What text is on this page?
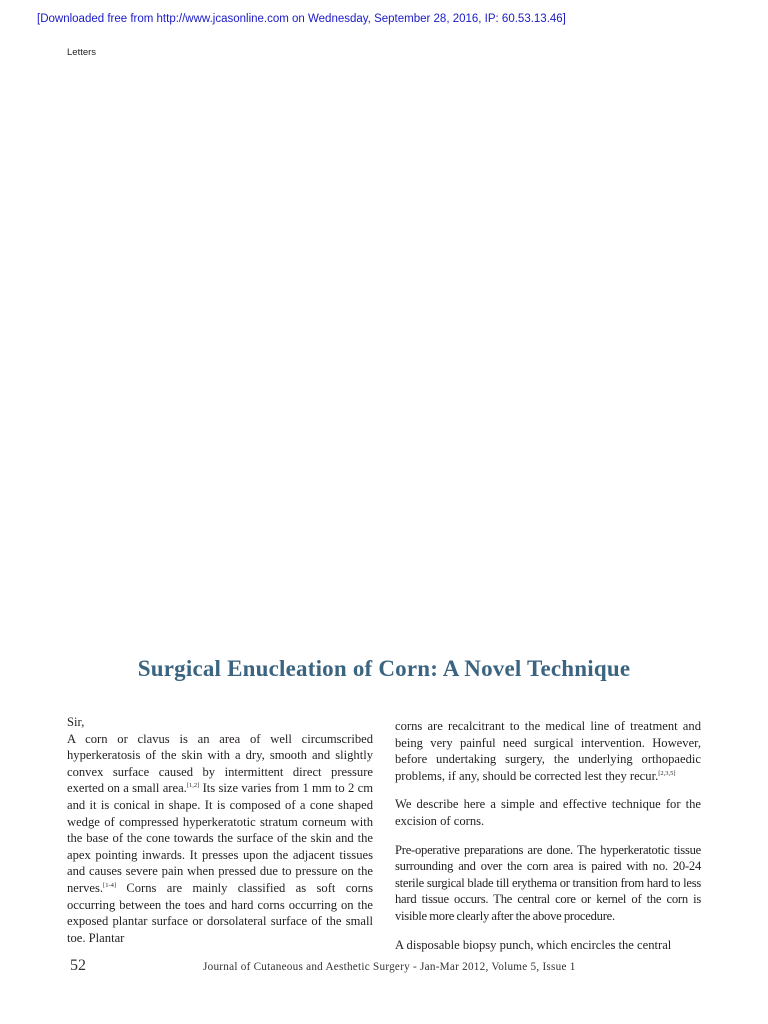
[Downloaded free from http://www.jcasonline.com on Wednesday, September 28, 2016, IP: 60.53.13.46]

Letters

Surgical Enucleation of Corn: A Novel Technique

Sir,

A corn or clavus is an area of well circumscribed hyperkeratosis of the skin with a dry, smooth and slightly convex surface caused by intermittent direct pressure exerted on a small area.[1,2] Its size varies from 1 mm to 2 cm and it is conical in shape. It is composed of a cone shaped wedge of compressed hyperkeratotic stratum corneum with the base of the cone towards the surface of the skin and the apex pointing inwards. It presses upon the adjacent tissues and causes severe pain when pressed due to pressure on the nerves.[1-4] Corns are mainly classified as soft corns occurring between the toes and hard corns occurring on the exposed plantar surface or dorsolateral surface of the small toe. Plantar

corns are recalcitrant to the medical line of treatment and being very painful need surgical intervention. However, before undertaking surgery, the underlying orthopaedic problems, if any, should be corrected lest they recur.[2,3,5]

We describe here a simple and effective technique for the excision of corns.

Pre-operative preparations are done. The hyperkeratotic tissue surrounding and over the corn area is paired with no. 20-24 sterile surgical blade till erythema or transition from hard to less hard tissue occurs. The central core or kernel of the corn is visible more clearly after the above procedure.

A disposable biopsy punch, which encircles the central

52	Journal of Cutaneous and Aesthetic Surgery - Jan-Mar 2012, Volume 5, Issue 1
